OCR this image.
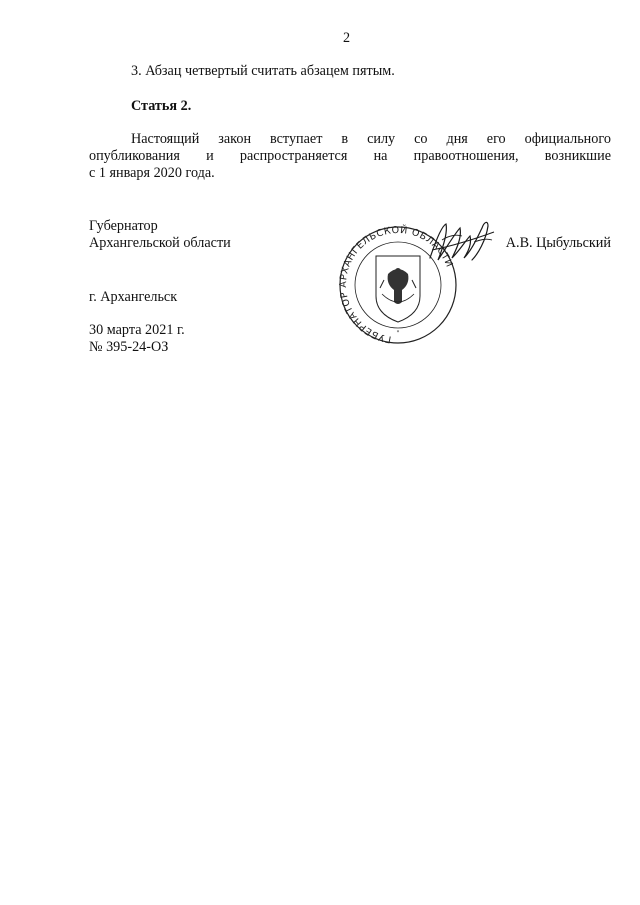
2
3. Абзац четвертый считать абзацем пятым.
Статья 2.
Настоящий закон вступает в силу со дня его официального
опубликования и распространяется на правоотношения, возникшие
с 1 января 2020 года.
Губернатор
Архангельской области	А.В. Цыбульский
ГУБЕРНАТОР АРХАНГЕЛЬСКОЙ ОБЛАСТИ
*
г. Архангельск
30 марта 2021 г.
№ 395-24-ОЗ
